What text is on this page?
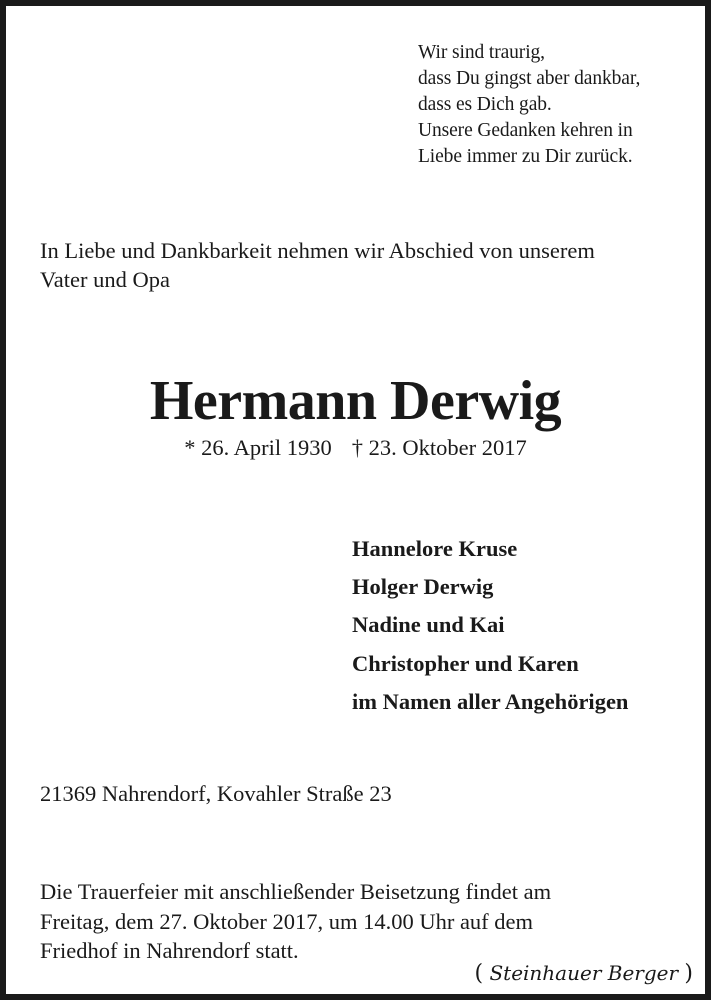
Wir sind traurig,
dass Du gingst aber dankbar,
dass es Dich gab.
Unsere Gedanken kehren in
Liebe immer zu Dir zurück.
In Liebe und Dankbarkeit nehmen wir Abschied von unserem
Vater und Opa
Hermann Derwig
* 26. April 1930 † 23. Oktober 2017
Hannelore Kruse
Holger Derwig
Nadine und Kai
Christopher und Karen
im Namen aller Angehörigen
21369 Nahrendorf, Kovahler Straße 23
Die Trauerfeier mit anschließender Beisetzung findet am
Freitag, dem 27. Oktober 2017, um 14.00 Uhr auf dem
Friedhof in Nahrendorf statt.
( Steinhauer Berger )
